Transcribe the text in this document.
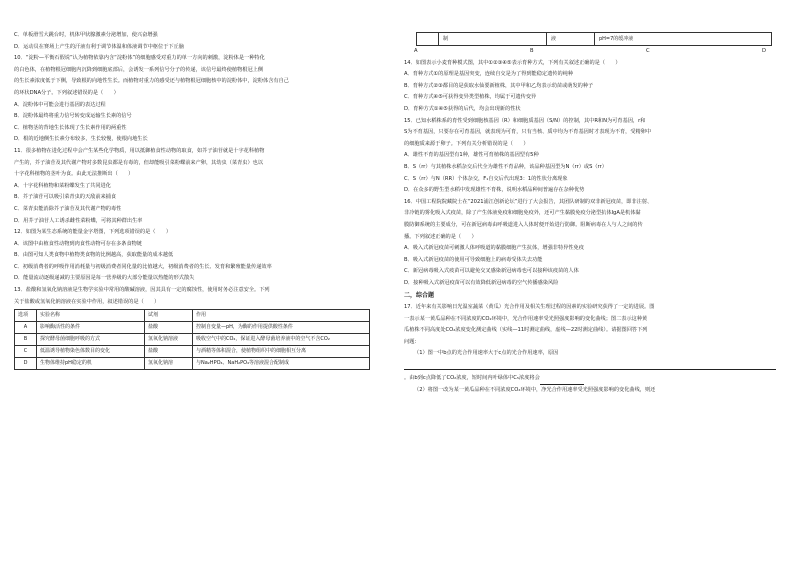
C．单板滑雪大跳台时，机体甲状腺激素分泌增加，使兴奋增强
D．运动员在赛场上产生的汗液有利于调节体温和体液调节中枢位于下丘脑
10．“淀粉—平衡石假说”认为植物依靠内含“淀粉体”的细胞感受对重力的单一方向的刺激，淀粉体是一种特化
的白色体，在植物根冠细胞内沉降到细胞底部后，会诱发一系列信号分子的传递，该信号最终使植物根冠上侧
的生长素浓度低于下侧，导致根的向地性生长。而植物对重力的感受还与植物根冠细胞核中的淀粉体中，淀粉体含有自己
的环状DNA分子。下列叙述错误的是（　　）
A．淀粉体中可能会进行基因的表达过程
B．淀粉体最终将重力信号转变成运输生长素的信号
C．植物茎的背地生长体现了生长素作用的两重性
D．根的近地侧生长素分布较多，生长较慢，使根向地生长
11．很多植物在进化过程中会产生某些化学物质，用以抵御植食性动物的取食，如芥子油苷就是十字花科植物
产生的，芥子油苷及其代谢产物对多数昆虫都是有毒的，但却能吸引菜粉蝶前来产卵，其幼虫（菜青虫）也以
十字花科植物的茎叶为食。由此无法推断出（　　）
A．十字花科植物和菜粉蝶发生了共同进化
B．芥子油苷可以吸引菜青虫的天敌前来捕食
C．菜青虫能消除芥子油苷及其代谢产物的毒性
D．用芥子油苷人工诱杀雌性菜粉蝶，可将其种群出生率
12．如图为某生态系统的能量金字塔图，下列选项错误的是（　　）
A．该图中由植食性动物到肉食性动物可存在多条食物链
B．由图可知人类食物中植物类食物的比例越高，获取能量的成本越低
C．初级消费者的呼吸作用消耗量与初级消费者同化量的比值越大，初级消费者的生长、发育和繁殖能量传递效率
D．能量流动逐级递减的主要原因是每一营养级的大部分能量以热能的形式散失
13．盐酸和氢氧化钠溶液是生物学实验中常用的酸碱溶液，因其具有一定的腐蚀性，使用时务必注意安全。下列
关于盐酸或氢氧化钠溶液在实验中作用，叙述错误的是（　　）
选项	实验名称	试剂	作用
A	影响酶活性的条件	盐酸	控制自变量—pH，为酶的作用提供酸性条件
B	探究酵母菌细胞呼吸的方式	氢氧化钠溶液	吸收空气中的CO₂，保证进入酵母菌培养液中的空气不含CO₂
C	低温诱导植物染色体数目的变化	盐酸	与酒精等体积混合，使植物组织中的细胞相互分离
D	生物体维持pH稳定的机	氢氧化钠溶	与Na₂HPO₄、NaH₂PO₄等溶液混合配制成
	制	液	pH=7的缓冲液
A	B	C	D
14．如图表示小麦育种模式图，其中①②③④⑤表示育种方式，下列有关叙述正确的是（　　）
A．育种方式①的原理是基因突变，连续自交是为了得到能稳定遗传的纯种
B．育种方式②③都目的是获取水仙要新植株，其中甲和乙均表示幼苗或萌发的种子
C．育种方式④⑤可获得变异类型植株，均属于可遗传变异
D．育种方式①④⑤获得的后代，均会出现新的性状
15．已知水稻株系的育性受到细胞核基因（R）和细胞质基因（S/N）的控制，其中R和N为可育基因，r和
S为不育基因，只要存在可育基因，就表现为可育，只有当核、质中均为不育基因时才表现为不育，受精卵中
的细胞质来源于卵子。下列有关分析错误的是（　　）
A．雄性不育的基因型有1种，雄性可育植株的基因型有5种
B．S（rr）与其植株水稻杂交后代全为雄性不育品种，该品种基因型为N（rr）或S（rr）
C．S（rr）与N（RR）个体杂交，F₁自交后代出现3：1的性状分离现象
D．在众多的野生型水稻中发现雄性不育株，说明水稻品种间普遍存在杂种优势
16．中国工程院院藏院士在“2021浦江创新论坛”进行了大会报告，其团队研制的双非新冠疫苗，即非注射、
非冷链的雾化吸入式疫苗，除了产生体液免疫和细胞免疫外，还可产生黏膜免疫分泌型抗体IgA是机体黏
膜防御系统的主要成分，可在新冠病毒由呼吸道进入人体时便开始进行防御。阻断病毒在人与人之间的传
播。下列叙述正确的是（　　）
A．吸入式新冠疫苗可刺激人体呼吸道的黏膜细胞产生抗体，增强非特异性免疫
B．吸入式新冠疫苗的使用可导致细胞上的病毒受体失去功能
C．新冠病毒吸入式疫苗可以避免交叉感染新冠病毒也可以接种该疫苗的人体
D．接种吸入式新冠疫苗可以有效降低新冠病毒的空气传播感染风险
二，综合题
17．近年来有关影响日光温室蔬菜（黄瓜）光合作用及相关生理过程的因素的实验研究获得了一定的进展。图
一表示某一黄瓜品种在不同浓度的CO₂环境中，光合作用速率受光照强度影响的变化曲线；图二表示这种黄
瓜植株不同高度处CO₂浓度变化测定曲线（实线—11时测定曲线，虚线—22时测定曲线）。请据图回答下列
问题：
（1）图一中b点的光合作用速率大于c点的光合作用速率，原因
。由b到c点降低了CO₂浓度，短时间内叶绿体中C₅浓度将会
（2）将图一改为某一黄瓜品种在不同浓度CO₂环境中，净光合作用速率受光照强度影响的变化曲线，则还
